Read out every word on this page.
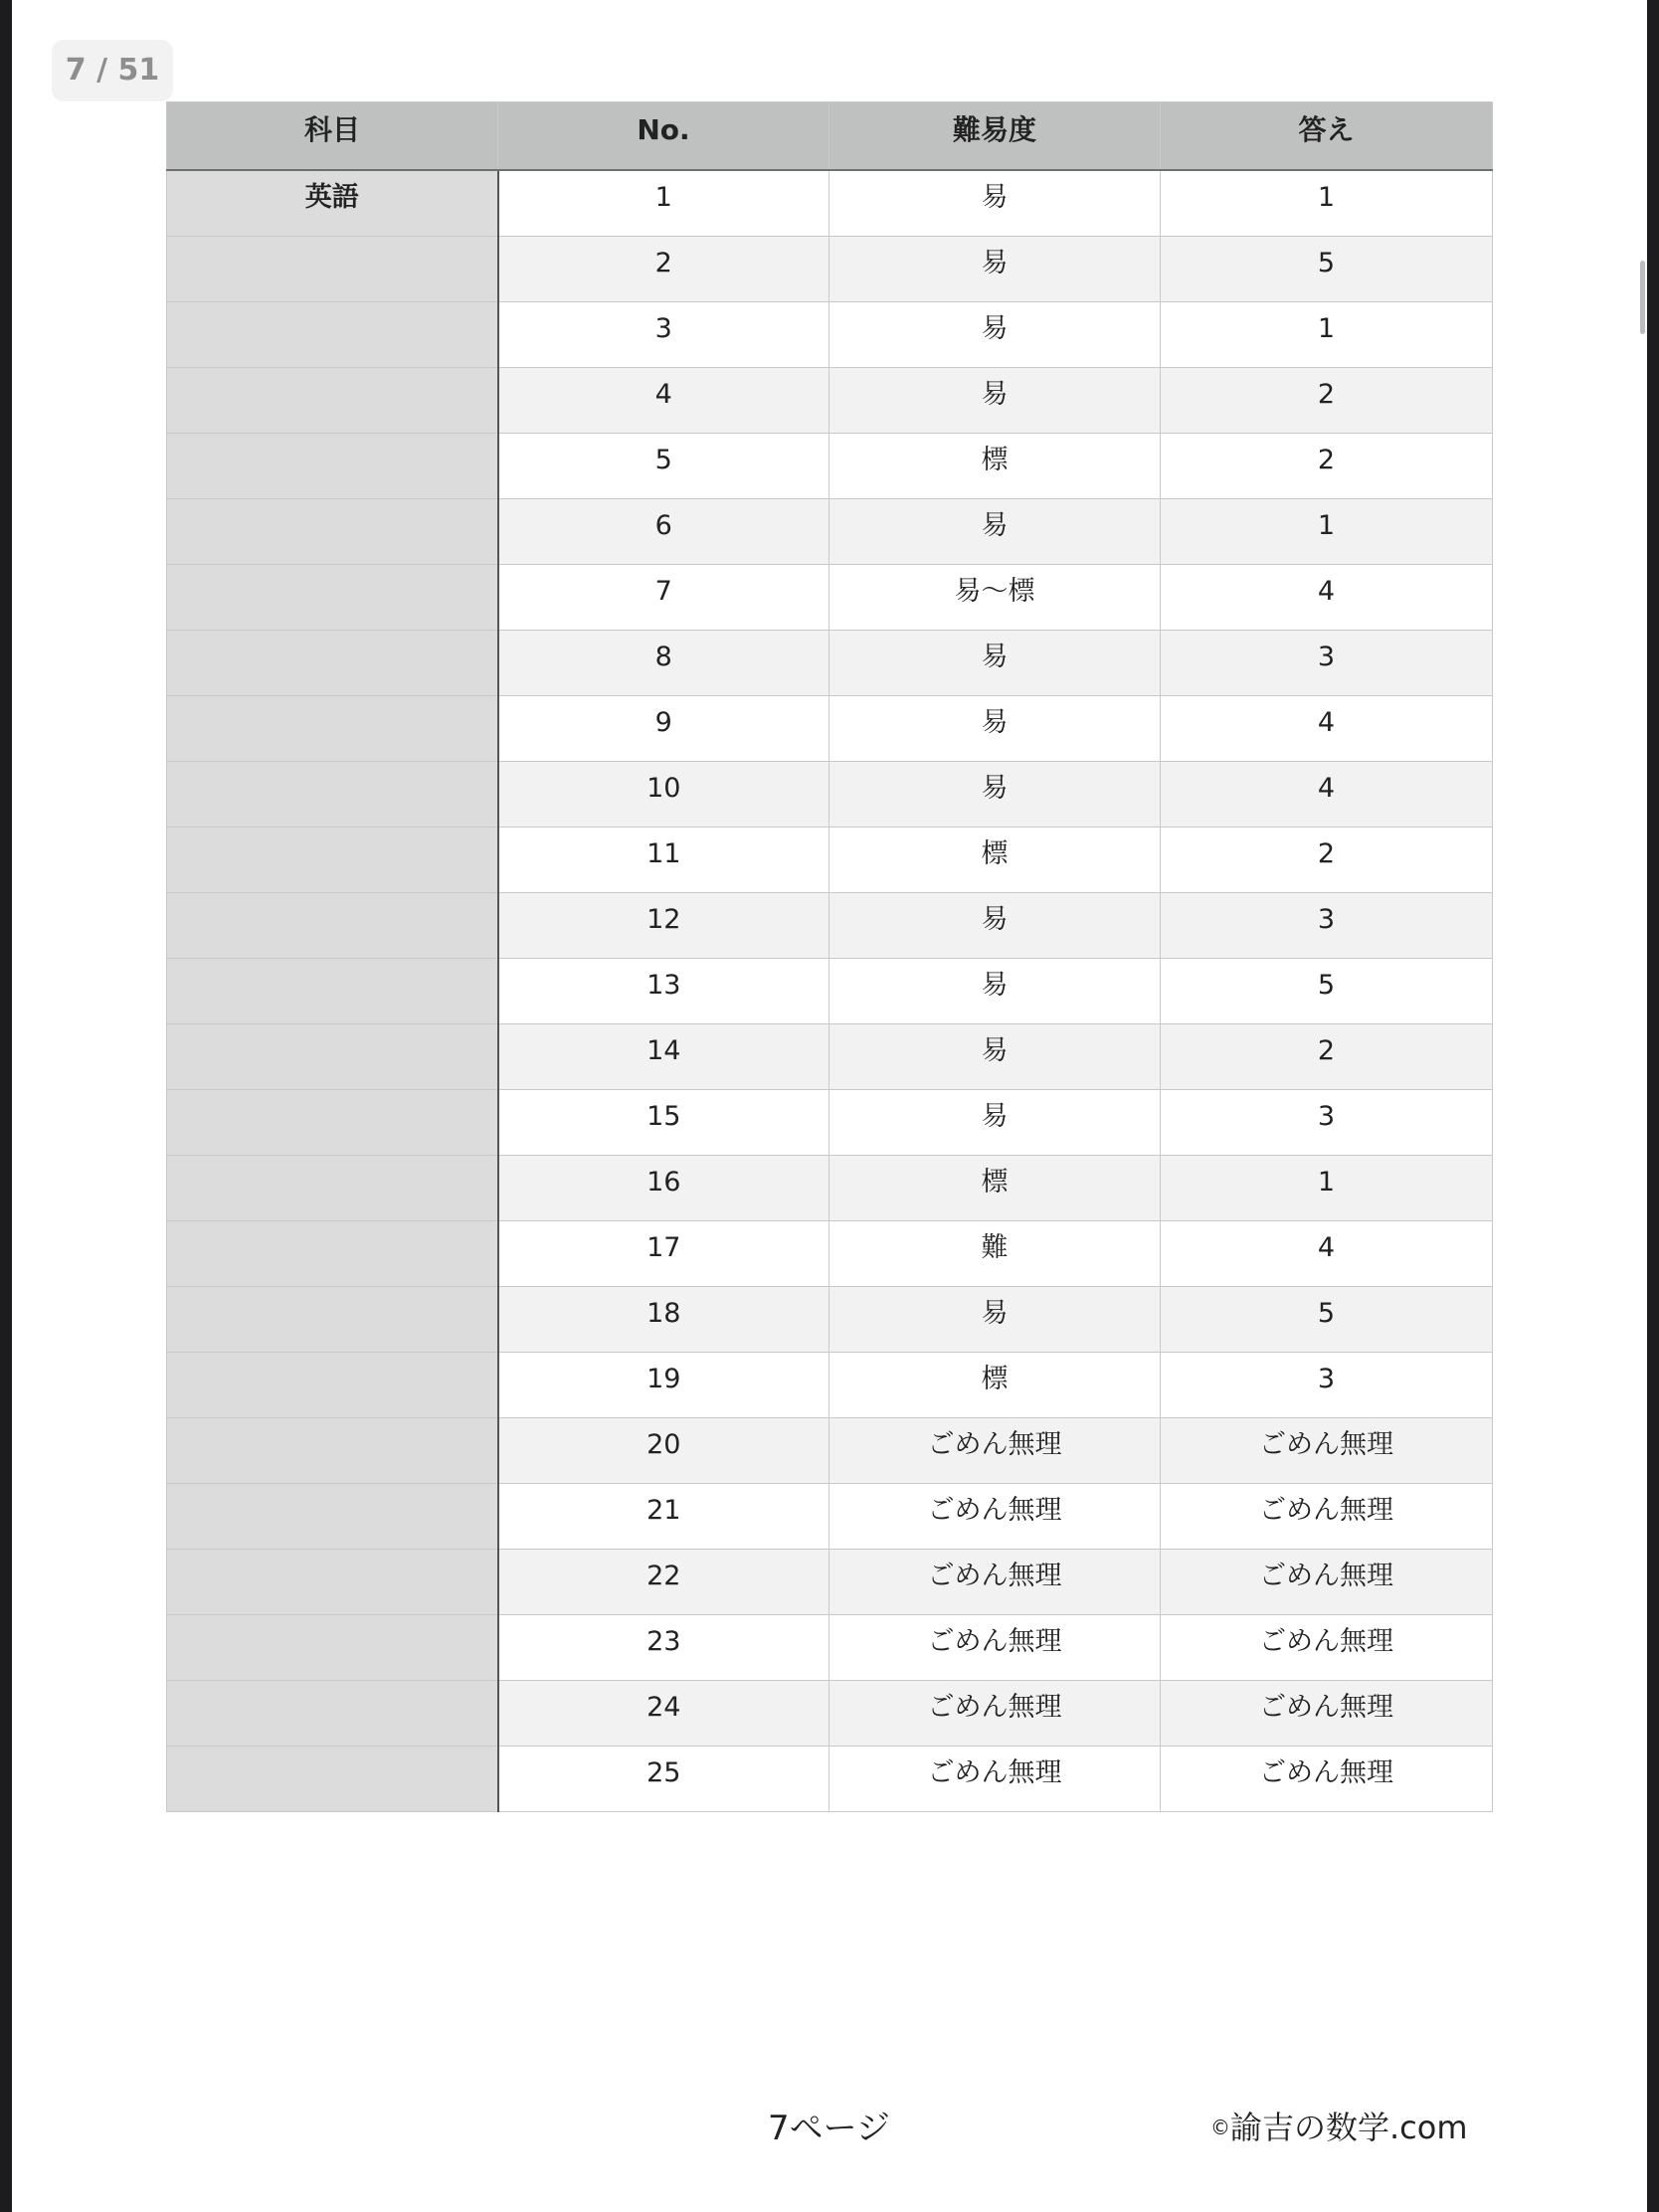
7 / 51
科目	No.	難易度	答え
英語	1	易	1
	2	易	5
	3	易	1
	4	易	2
	5	標	2
	6	易	1
	7	易〜標	4
	8	易	3
	9	易	4
	10	易	4
	11	標	2
	12	易	3
	13	易	5
	14	易	2
	15	易	3
	16	標	1
	17	難	4
	18	易	5
	19	標	3
	20	ごめん無理	ごめん無理
	21	ごめん無理	ごめん無理
	22	ごめん無理	ごめん無理
	23	ごめん無理	ごめん無理
	24	ごめん無理	ごめん無理
	25	ごめん無理	ごめん無理
7ページ	©諭吉の数学.com
